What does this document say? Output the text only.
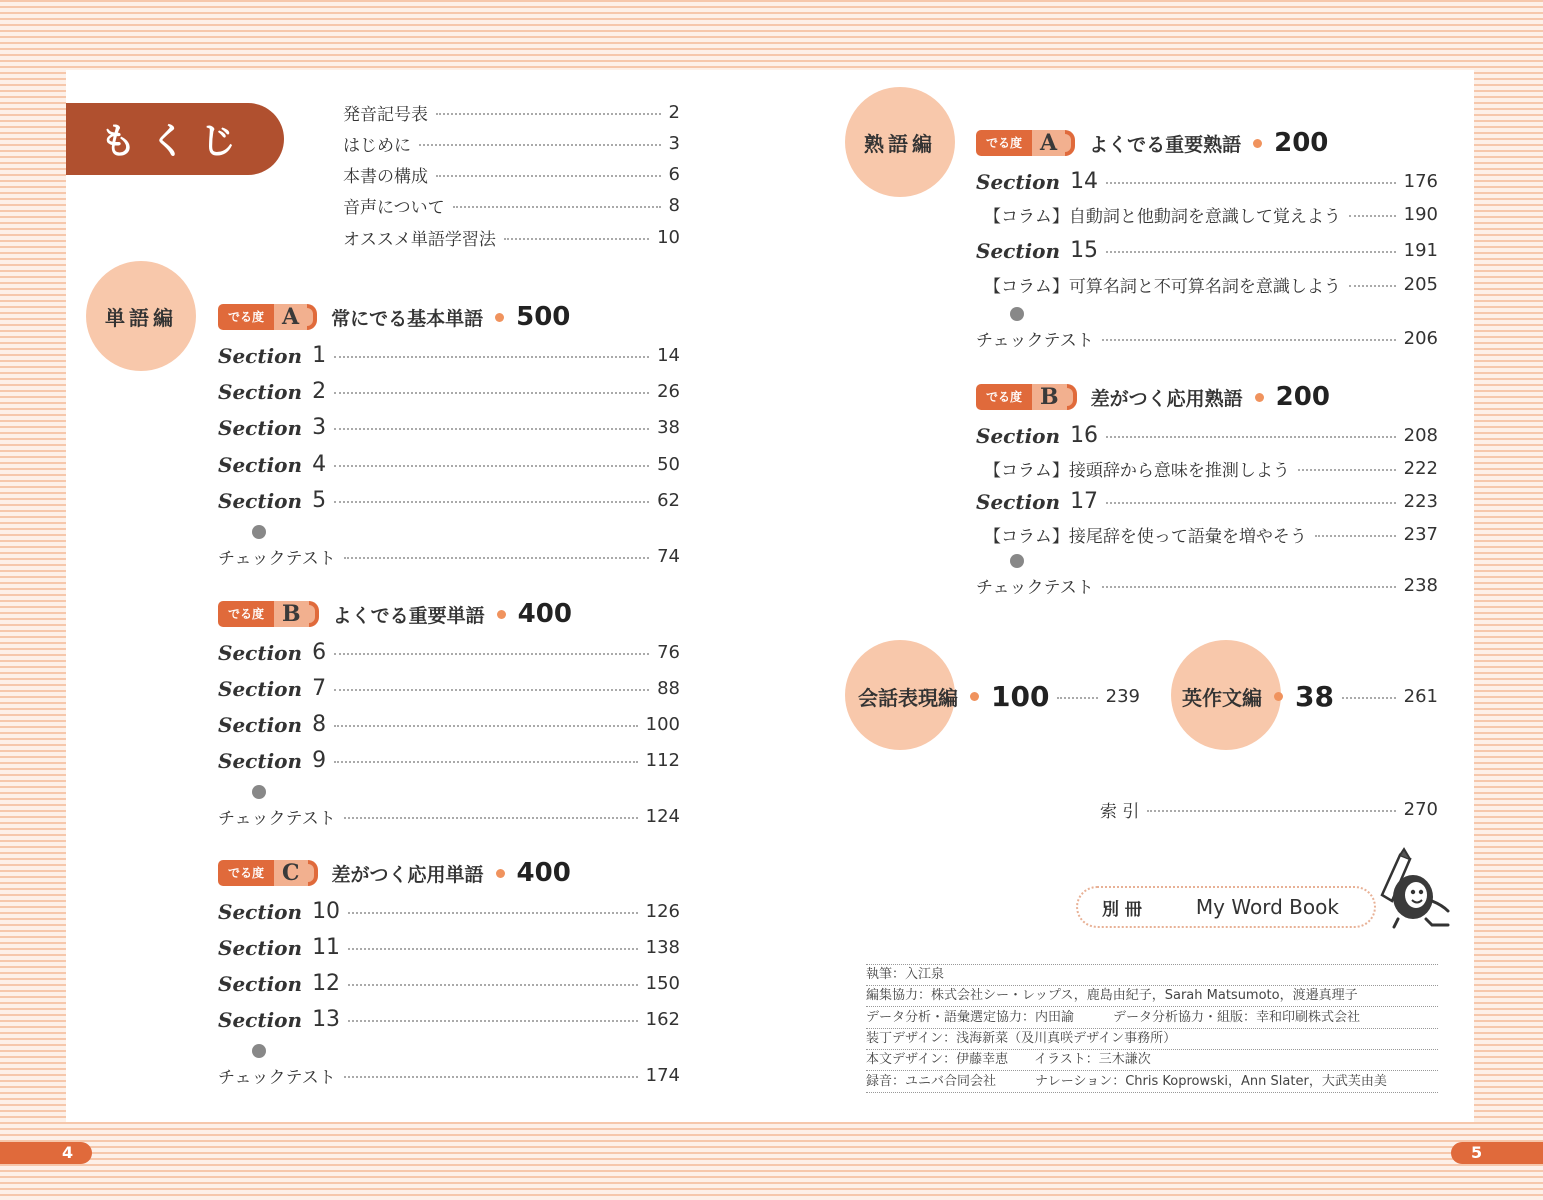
もくじ
発音記号表	2
はじめに	3
本書の構成	6
音声について	8
オススメ単語学習法	10
単語編	でる度 A	常にでる基本単語 500
Section 1	14
Section 2	26
Section 3	38
Section 4	50
Section 5	62
チェックテスト	74
でる度 B	よくでる重要単語 400
Section 6	76
Section 7	88
Section 8	100
Section 9	112
チェックテスト	124
でる度 C	差がつく応用単語 400
Section 10	126
Section 11	138
Section 12	150
Section 13	162
チェックテスト	174
4
熟語編	でる度 A	よくでる重要熟語 200
Section 14	176
【コラム】自動詞と他動詞を意識して覚えよう	190
Section 15	191
【コラム】可算名詞と不可算名詞を意識しよう	205
チェックテスト	206
でる度 B	差がつく応用熟語 200
Section 16	208
【コラム】接頭辞から意味を推測しよう	222
Section 17	223
【コラム】接尾辞を使って語彙を増やそう	237
チェックテスト	238
会話表現編 100	239 英作文編 38	261
索 引	270
別 冊	My Word Book
執筆：入江泉
編集協力：株式会社シー・レップス，鹿島由紀子，Sarah Matsumoto，渡邉真理子
データ分析・語彙選定協力：内田諭　　　データ分析協力・組版：幸和印刷株式会社
装丁デザイン：浅海新菜（及川真咲デザイン事務所）
本文デザイン：伊藤幸恵　　イラスト：三木謙次
録音：ユニバ合同会社　　　ナレーション：Chris Koprowski，Ann Slater，大武芙由美
5
